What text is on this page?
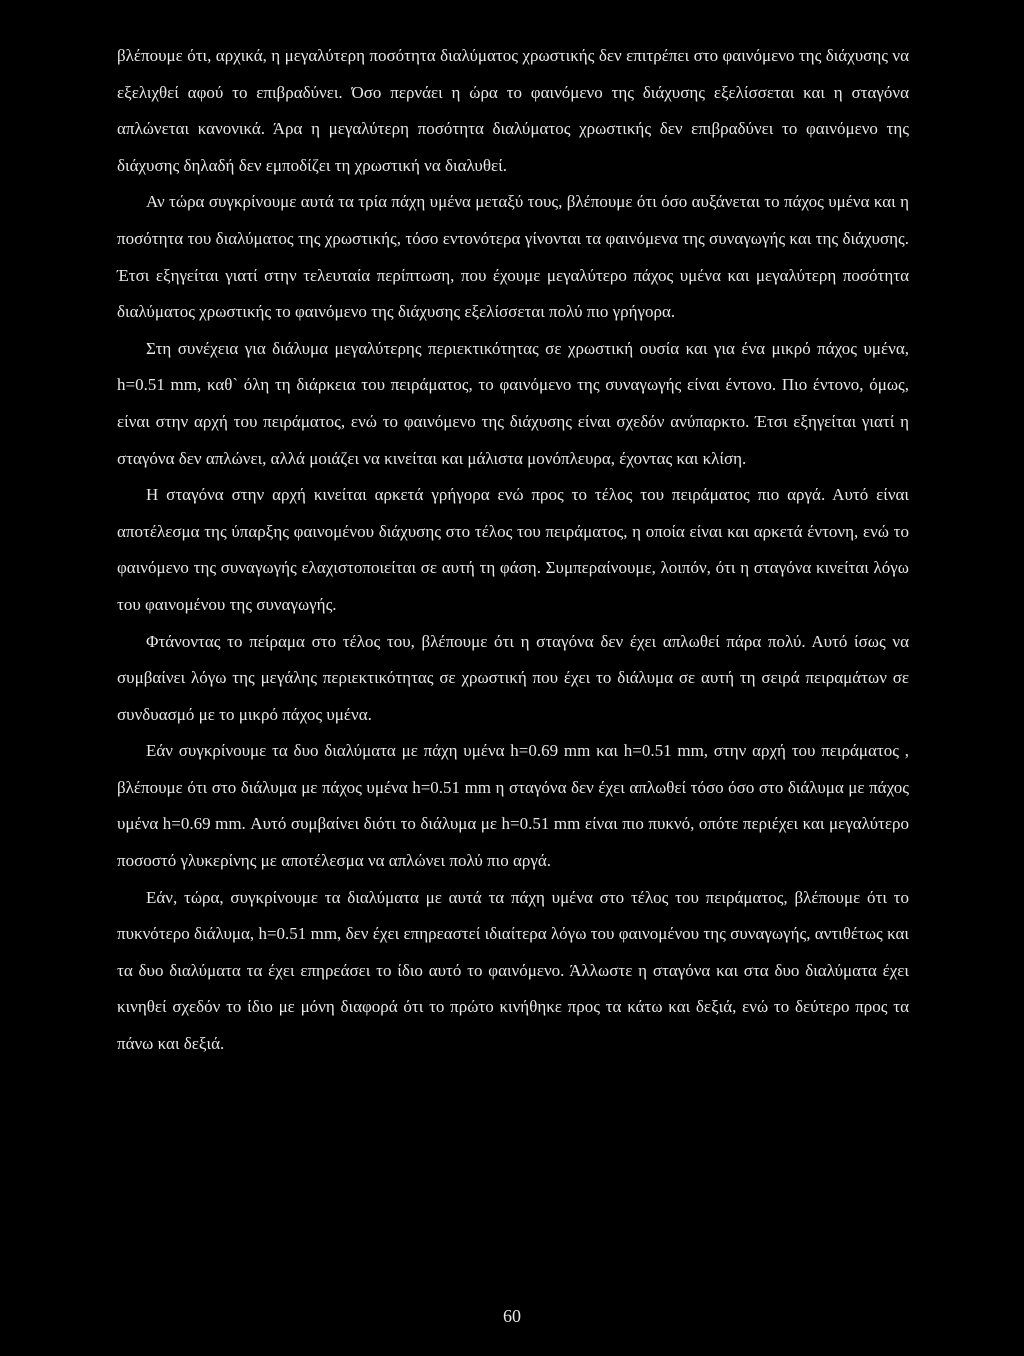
βλέπουμε ότι, αρχικά, η μεγαλύτερη ποσότητα διαλύματος χρωστικής δεν επιτρέπει στο φαινόμενο της διάχυσης να εξελιχθεί αφού το επιβραδύνει. Όσο περνάει η ώρα το φαινόμενο της διάχυσης εξελίσσεται και η σταγόνα απλώνεται κανονικά. Άρα η μεγαλύτερη ποσότητα διαλύματος χρωστικής δεν επιβραδύνει το φαινόμενο της διάχυσης δηλαδή δεν εμποδίζει τη χρωστική να διαλυθεί.

Αν τώρα συγκρίνουμε αυτά τα τρία πάχη υμένα μεταξύ τους, βλέπουμε ότι όσο αυξάνεται το πάχος υμένα και η ποσότητα του διαλύματος της χρωστικής, τόσο εντονότερα γίνονται τα φαινόμενα της συναγωγής και της διάχυσης. Έτσι εξηγείται γιατί στην τελευταία περίπτωση, που έχουμε μεγαλύτερο πάχος υμένα και μεγαλύτερη ποσότητα διαλύματος χρωστικής το φαινόμενο της διάχυσης εξελίσσεται πολύ πιο γρήγορα.

Στη συνέχεια για διάλυμα μεγαλύτερης περιεκτικότητας σε χρωστική ουσία και για ένα μικρό πάχος υμένα, h=0.51 mm, καθ` όλη τη διάρκεια του πειράματος, το φαινόμενο της συναγωγής είναι έντονο. Πιο έντονο, όμως, είναι στην αρχή του πειράματος, ενώ το φαινόμενο της διάχυσης είναι σχεδόν ανύπαρκτο. Έτσι εξηγείται γιατί η σταγόνα δεν απλώνει, αλλά μοιάζει να κινείται και μάλιστα μονόπλευρα, έχοντας και κλίση.

Η σταγόνα στην αρχή κινείται αρκετά γρήγορα ενώ προς το τέλος του πειράματος πιο αργά. Αυτό είναι αποτέλεσμα της ύπαρξης φαινομένου διάχυσης στο τέλος του πειράματος, η οποία είναι και αρκετά έντονη, ενώ το φαινόμενο της συναγωγής ελαχιστοποιείται σε αυτή τη φάση. Συμπεραίνουμε, λοιπόν, ότι η σταγόνα κινείται λόγω του φαινομένου της συναγωγής.

Φτάνοντας το πείραμα στο τέλος του, βλέπουμε ότι η σταγόνα δεν έχει απλωθεί πάρα πολύ. Αυτό ίσως να συμβαίνει λόγω της μεγάλης περιεκτικότητας σε χρωστική που έχει το διάλυμα σε αυτή τη σειρά πειραμάτων σε συνδυασμό με το μικρό πάχος υμένα.

Εάν συγκρίνουμε τα δυο διαλύματα με πάχη υμένα h=0.69 mm και h=0.51 mm, στην αρχή του πειράματος , βλέπουμε ότι στο διάλυμα με πάχος υμένα h=0.51 mm η σταγόνα δεν έχει απλωθεί τόσο όσο στο διάλυμα με πάχος υμένα h=0.69 mm. Αυτό συμβαίνει διότι το διάλυμα με h=0.51 mm είναι πιο πυκνό, οπότε περιέχει και μεγαλύτερο ποσοστό γλυκερίνης με αποτέλεσμα να απλώνει πολύ πιο αργά.

Εάν, τώρα, συγκρίνουμε τα διαλύματα με αυτά τα πάχη υμένα στο τέλος του πειράματος, βλέπουμε ότι το πυκνότερο διάλυμα, h=0.51 mm, δεν έχει επηρεαστεί ιδιαίτερα λόγω του φαινομένου της συναγωγής, αντιθέτως και τα δυο διαλύματα τα έχει επηρεάσει το ίδιο αυτό το φαινόμενο. Άλλωστε η σταγόνα και στα δυο διαλύματα έχει κινηθεί σχεδόν το ίδιο με μόνη διαφορά ότι το πρώτο κινήθηκε προς τα κάτω και δεξιά, ενώ το δεύτερο προς τα πάνω και δεξιά.

60
